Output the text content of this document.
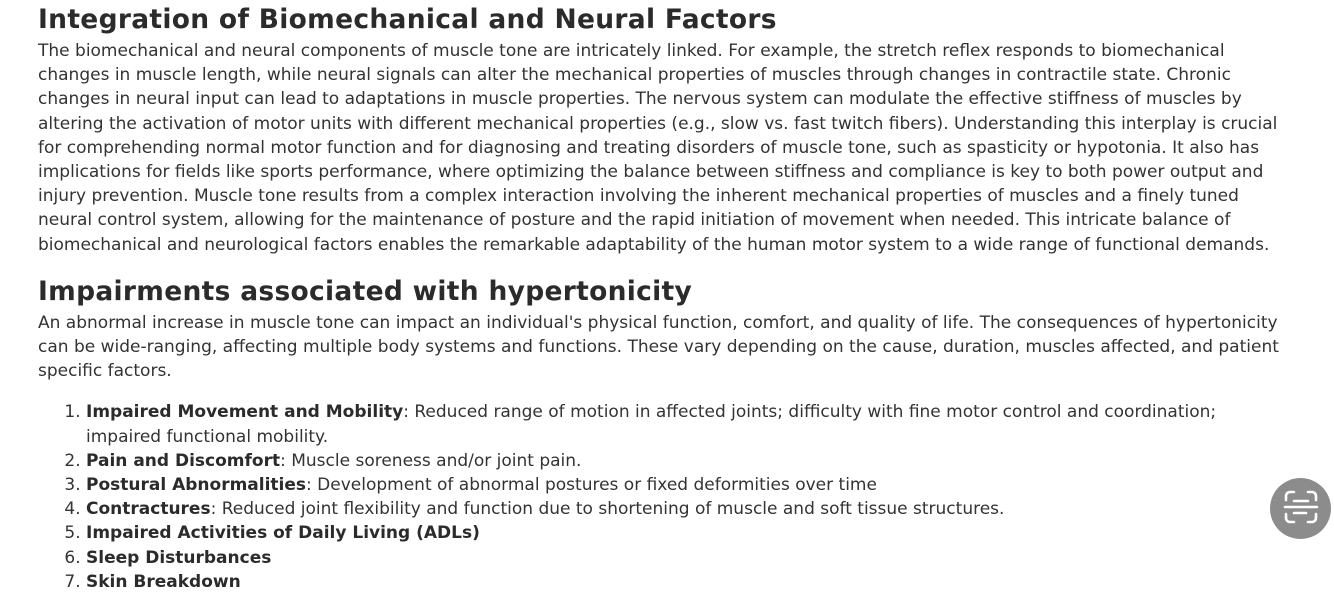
Integration of Biomechanical and Neural Factors

The biomechanical and neural components of muscle tone are intricately linked. For example, the stretch reflex responds to biomechanical changes in muscle length, while neural signals can alter the mechanical properties of muscles through changes in contractile state. Chronic changes in neural input can lead to adaptations in muscle properties. The nervous system can modulate the effective stiffness of muscles by altering the activation of motor units with different mechanical properties (e.g., slow vs. fast twitch fibers). Understanding this interplay is crucial for comprehending normal motor function and for diagnosing and treating disorders of muscle tone, such as spasticity or hypotonia. It also has implications for fields like sports performance, where optimizing the balance between stiffness and compliance is key to both power output and injury prevention. Muscle tone results from a complex interaction involving the inherent mechanical properties of muscles and a finely tuned neural control system, allowing for the maintenance of posture and the rapid initiation of movement when needed. This intricate balance of biomechanical and neurological factors enables the remarkable adaptability of the human motor system to a wide range of functional demands.

Impairments associated with hypertonicity

An abnormal increase in muscle tone can impact an individual's physical function, comfort, and quality of life. The consequences of hypertonicity can be wide-ranging, affecting multiple body systems and functions. These vary depending on the cause, duration, muscles affected, and patient specific factors.

1. Impaired Movement and Mobility: Reduced range of motion in affected joints; difficulty with fine motor control and coordination; impaired functional mobility.
2. Pain and Discomfort: Muscle soreness and/or joint pain.
3. Postural Abnormalities: Development of abnormal postures or fixed deformities over time
4. Contractures: Reduced joint flexibility and function due to shortening of muscle and soft tissue structures.
5. Impaired Activities of Daily Living (ADLs)
6. Sleep Disturbances
7. Skin Breakdown
